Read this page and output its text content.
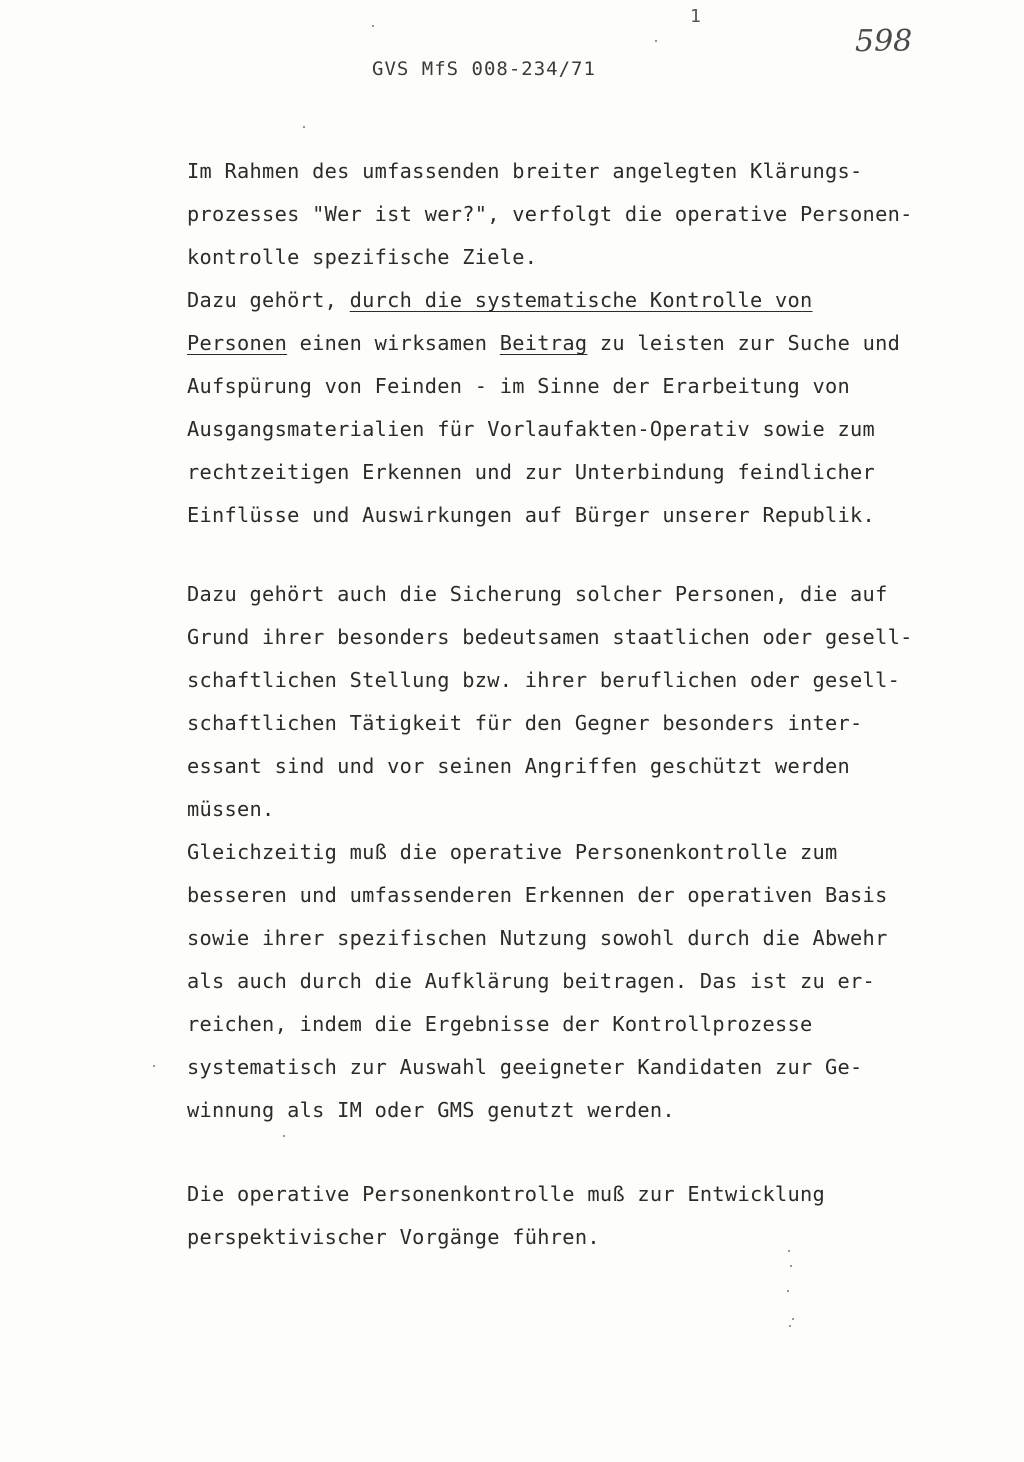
1
GVS MfS 008-234/71
598
Im Rahmen des umfassenden breiter angelegten Klärungs-
prozesses "Wer ist wer?", verfolgt die operative Personen-
kontrolle spezifische Ziele.
Dazu gehört, durch die systematische Kontrolle von
Personen einen wirksamen Beitrag zu leisten zur Suche und
Aufspürung von Feinden - im Sinne der Erarbeitung von
Ausgangsmaterialien für Vorlaufakten-Operativ sowie zum
rechtzeitigen Erkennen und zur Unterbindung feindlicher
Einflüsse und Auswirkungen auf Bürger unserer Republik.
Dazu gehört auch die Sicherung solcher Personen, die auf
Grund ihrer besonders bedeutsamen staatlichen oder gesell-
schaftlichen Stellung bzw. ihrer beruflichen oder gesell-
schaftlichen Tätigkeit für den Gegner besonders inter-
essant sind und vor seinen Angriffen geschützt werden
müssen.
Gleichzeitig muß die operative Personenkontrolle zum
besseren und umfassenderen Erkennen der operativen Basis
sowie ihrer spezifischen Nutzung sowohl durch die Abwehr
als auch durch die Aufklärung beitragen. Das ist zu er-
reichen, indem die Ergebnisse der Kontrollprozesse
systematisch zur Auswahl geeigneter Kandidaten zur Ge-
winnung als IM oder GMS genutzt werden.
Die operative Personenkontrolle muß zur Entwicklung
perspektivischer Vorgänge führen.
